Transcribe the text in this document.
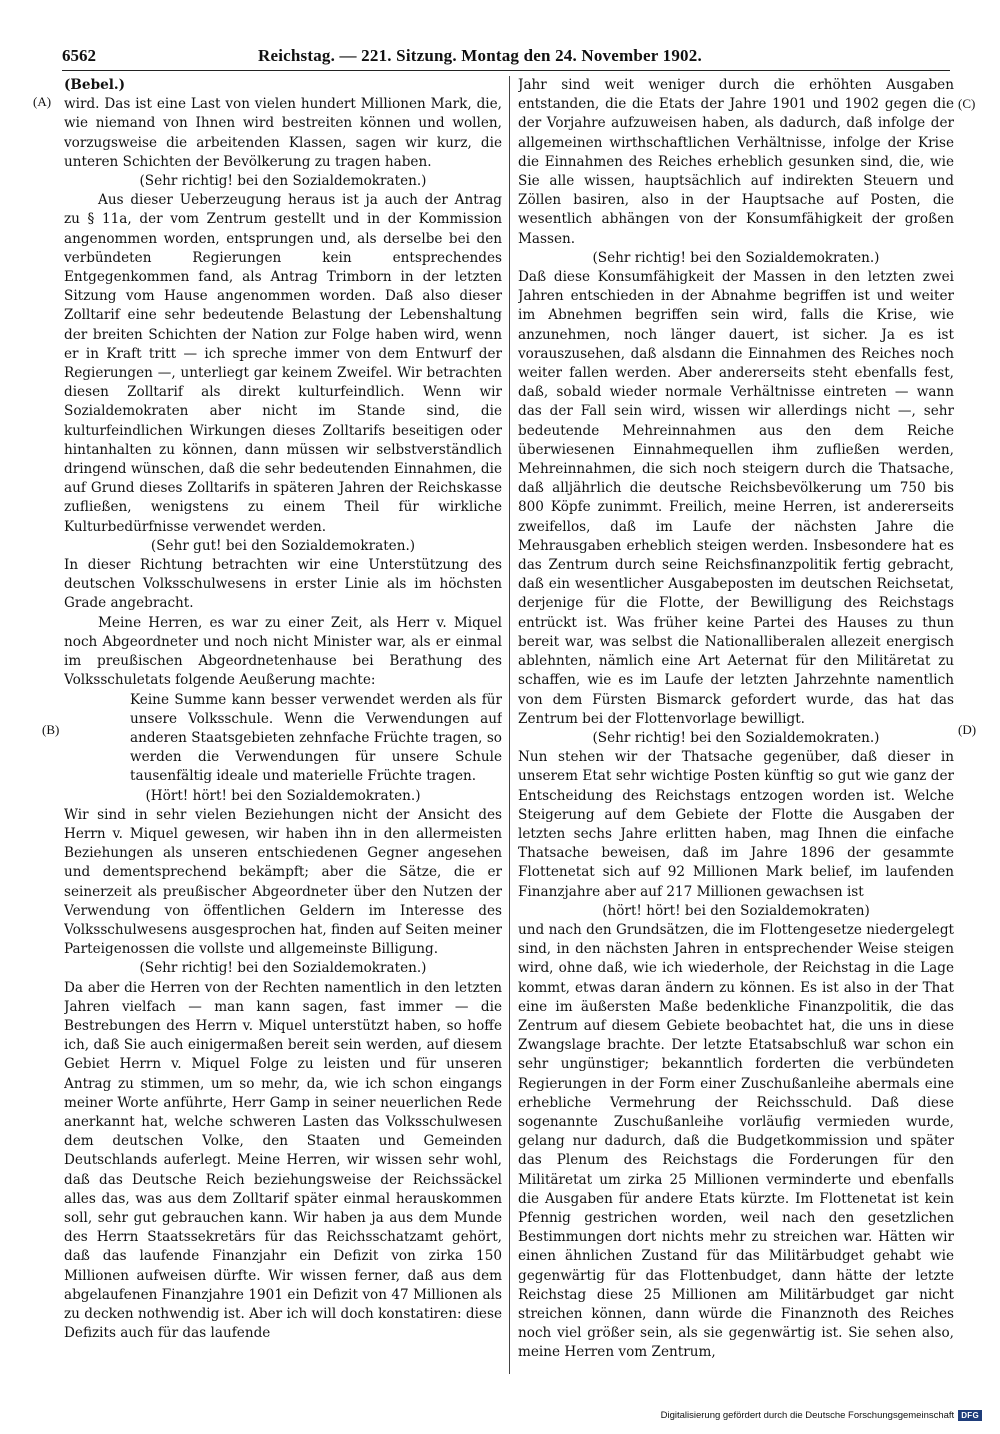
6562	Reichstag. — 221. Sitzung. Montag den 24. November 1902.
(A)
(B)
(C)
(D)

(Bebel.)

wird. Das ist eine Last von vielen hundert Millionen Mark, die, wie niemand von Ihnen wird bestreiten können und wollen, vorzugsweise die arbeitenden Klassen, sagen wir kurz, die unteren Schichten der Bevölkerung zu tragen haben.

(Sehr richtig! bei den Sozialdemokraten.)

Aus dieser Ueberzeugung heraus ist ja auch der Antrag zu § 11a, der vom Zentrum gestellt und in der Kommission angenommen worden, entsprungen und, als derselbe bei den verbündeten Regierungen kein entsprechendes Entgegenkommen fand, als Antrag Trimborn in der letzten Sitzung vom Hause angenommen worden. Daß also dieser Zolltarif eine sehr bedeutende Belastung der Lebenshaltung der breiten Schichten der Nation zur Folge haben wird, wenn er in Kraft tritt — ich spreche immer von dem Entwurf der Regierungen —, unterliegt gar keinem Zweifel. Wir betrachten diesen Zolltarif als direkt kulturfeindlich. Wenn wir Sozialdemokraten aber nicht im Stande sind, die kulturfeindlichen Wirkungen dieses Zolltarifs beseitigen oder hintanhalten zu können, dann müssen wir selbstverständlich dringend wünschen, daß die sehr bedeutenden Einnahmen, die auf Grund dieses Zolltarifs in späteren Jahren der Reichskasse zufließen, wenigstens zu einem Theil für wirkliche Kulturbedürfnisse verwendet werden.

(Sehr gut! bei den Sozialdemokraten.)

In dieser Richtung betrachten wir eine Unterstützung des deutschen Volksschulwesens in erster Linie als im höchsten Grade angebracht.

Meine Herren, es war zu einer Zeit, als Herr v. Miquel noch Abgeordneter und noch nicht Minister war, als er einmal im preußischen Abgeordnetenhause bei Berathung des Volksschuletats folgende Aeußerung machte:

Keine Summe kann besser verwendet werden als für unsere Volksschule. Wenn die Verwendungen auf anderen Staatsgebieten zehnfache Früchte tragen, so werden die Verwendungen für unsere Schule tausenfältig ideale und materielle Früchte tragen.

(Hört! hört! bei den Sozialdemokraten.)

Wir sind in sehr vielen Beziehungen nicht der Ansicht des Herrn v. Miquel gewesen, wir haben ihn in den allermeisten Beziehungen als unseren entschiedenen Gegner angesehen und dementsprechend bekämpft; aber die Sätze, die er seinerzeit als preußischer Abgeordneter über den Nutzen der Verwendung von öffentlichen Geldern im Interesse des Volksschulwesens ausgesprochen hat, finden auf Seiten meiner Parteigenossen die vollste und allgemeinste Billigung.

(Sehr richtig! bei den Sozialdemokraten.)

Da aber die Herren von der Rechten namentlich in den letzten Jahren vielfach — man kann sagen, fast immer — die Bestrebungen des Herrn v. Miquel unterstützt haben, so hoffe ich, daß Sie auch einigermaßen bereit sein werden, auf diesem Gebiet Herrn v. Miquel Folge zu leisten und für unseren Antrag zu stimmen, um so mehr, da, wie ich schon eingangs meiner Worte anführte, Herr Gamp in seiner neuerlichen Rede anerkannt hat, welche schweren Lasten das Volksschulwesen dem deutschen Volke, den Staaten und Gemeinden Deutschlands auferlegt. Meine Herren, wir wissen sehr wohl, daß das Deutsche Reich beziehungsweise der Reichssäckel alles das, was aus dem Zolltarif später einmal herauskommen soll, sehr gut gebrauchen kann. Wir haben ja aus dem Munde des Herrn Staatssekretärs für das Reichsschatzamt gehört, daß das laufende Finanzjahr ein Defizit von zirka 150 Millionen aufweisen dürfte. Wir wissen ferner, daß aus dem abgelaufenen Finanzjahre 1901 ein Defizit von 47 Millionen als zu decken nothwendig ist. Aber ich will doch konstatiren: diese Defizits auch für das laufende

Jahr sind weit weniger durch die erhöhten Ausgaben entstanden, die die Etats der Jahre 1901 und 1902 gegen die der Vorjahre aufzuweisen haben, als dadurch, daß infolge der allgemeinen wirthschaftlichen Verhältnisse, infolge der Krise die Einnahmen des Reiches erheblich gesunken sind, die, wie Sie alle wissen, hauptsächlich auf indirekten Steuern und Zöllen basiren, also in der Hauptsache auf Posten, die wesentlich abhängen von der Konsumfähigkeit der großen Massen.

(Sehr richtig! bei den Sozialdemokraten.)

Daß diese Konsumfähigkeit der Massen in den letzten zwei Jahren entschieden in der Abnahme begriffen ist und weiter im Abnehmen begriffen sein wird, falls die Krise, wie anzunehmen, noch länger dauert, ist sicher. Ja es ist vorauszusehen, daß alsdann die Einnahmen des Reiches noch weiter fallen werden. Aber andererseits steht ebenfalls fest, daß, sobald wieder normale Verhältnisse eintreten — wann das der Fall sein wird, wissen wir allerdings nicht —, sehr bedeutende Mehreinnahmen aus den dem Reiche überwiesenen Einnahmequellen ihm zufließen werden, Mehreinnahmen, die sich noch steigern durch die Thatsache, daß alljährlich die deutsche Reichsbevölkerung um 750 bis 800 Köpfe zunimmt. Freilich, meine Herren, ist andererseits zweifellos, daß im Laufe der nächsten Jahre die Mehrausgaben erheblich steigen werden. Insbesondere hat es das Zentrum durch seine Reichsfinanzpolitik fertig gebracht, daß ein wesentlicher Ausgabeposten im deutschen Reichsetat, derjenige für die Flotte, der Bewilligung des Reichstags entrückt ist. Was früher keine Partei des Hauses zu thun bereit war, was selbst die Nationalliberalen allezeit energisch ablehnten, nämlich eine Art Aeternat für den Militäretat zu schaffen, wie es im Laufe der letzten Jahrzehnte namentlich von dem Fürsten Bismarck gefordert wurde, das hat das Zentrum bei der Flottenvorlage bewilligt.

(Sehr richtig! bei den Sozialdemokraten.)

Nun stehen wir der Thatsache gegenüber, daß dieser in unserem Etat sehr wichtige Posten künftig so gut wie ganz der Entscheidung des Reichstags entzogen worden ist. Welche Steigerung auf dem Gebiete der Flotte die Ausgaben der letzten sechs Jahre erlitten haben, mag Ihnen die einfache Thatsache beweisen, daß im Jahre 1896 der gesammte Flottenetat sich auf 92 Millionen Mark belief, im laufenden Finanzjahre aber auf 217 Millionen gewachsen ist

(hört! hört! bei den Sozialdemokraten)

und nach den Grundsätzen, die im Flottengesetze niedergelegt sind, in den nächsten Jahren in entsprechender Weise steigen wird, ohne daß, wie ich wiederhole, der Reichstag in die Lage kommt, etwas daran ändern zu können. Es ist also in der That eine im äußersten Maße bedenkliche Finanzpolitik, die das Zentrum auf diesem Gebiete beobachtet hat, die uns in diese Zwangslage brachte. Der letzte Etatsabschluß war schon ein sehr ungünstiger; bekanntlich forderten die verbündeten Regierungen in der Form einer Zuschußanleihe abermals eine erhebliche Vermehrung der Reichsschuld. Daß diese sogenannte Zuschußanleihe vorläufig vermieden wurde, gelang nur dadurch, daß die Budgetkommission und später das Plenum des Reichstags die Forderungen für den Militäretat um zirka 25 Millionen verminderte und ebenfalls die Ausgaben für andere Etats kürzte. Im Flottenetat ist kein Pfennig gestrichen worden, weil nach den gesetzlichen Bestimmungen dort nichts mehr zu streichen war. Hätten wir einen ähnlichen Zustand für das Militärbudget gehabt wie gegenwärtig für das Flottenbudget, dann hätte der letzte Reichstag diese 25 Millionen am Militärbudget gar nicht streichen können, dann würde die Finanznoth des Reiches noch viel größer sein, als sie gegenwärtig ist. Sie sehen also, meine Herren vom Zentrum,

Digitalisierung gefördert durch die Deutsche Forschungsgemeinschaft DFG
